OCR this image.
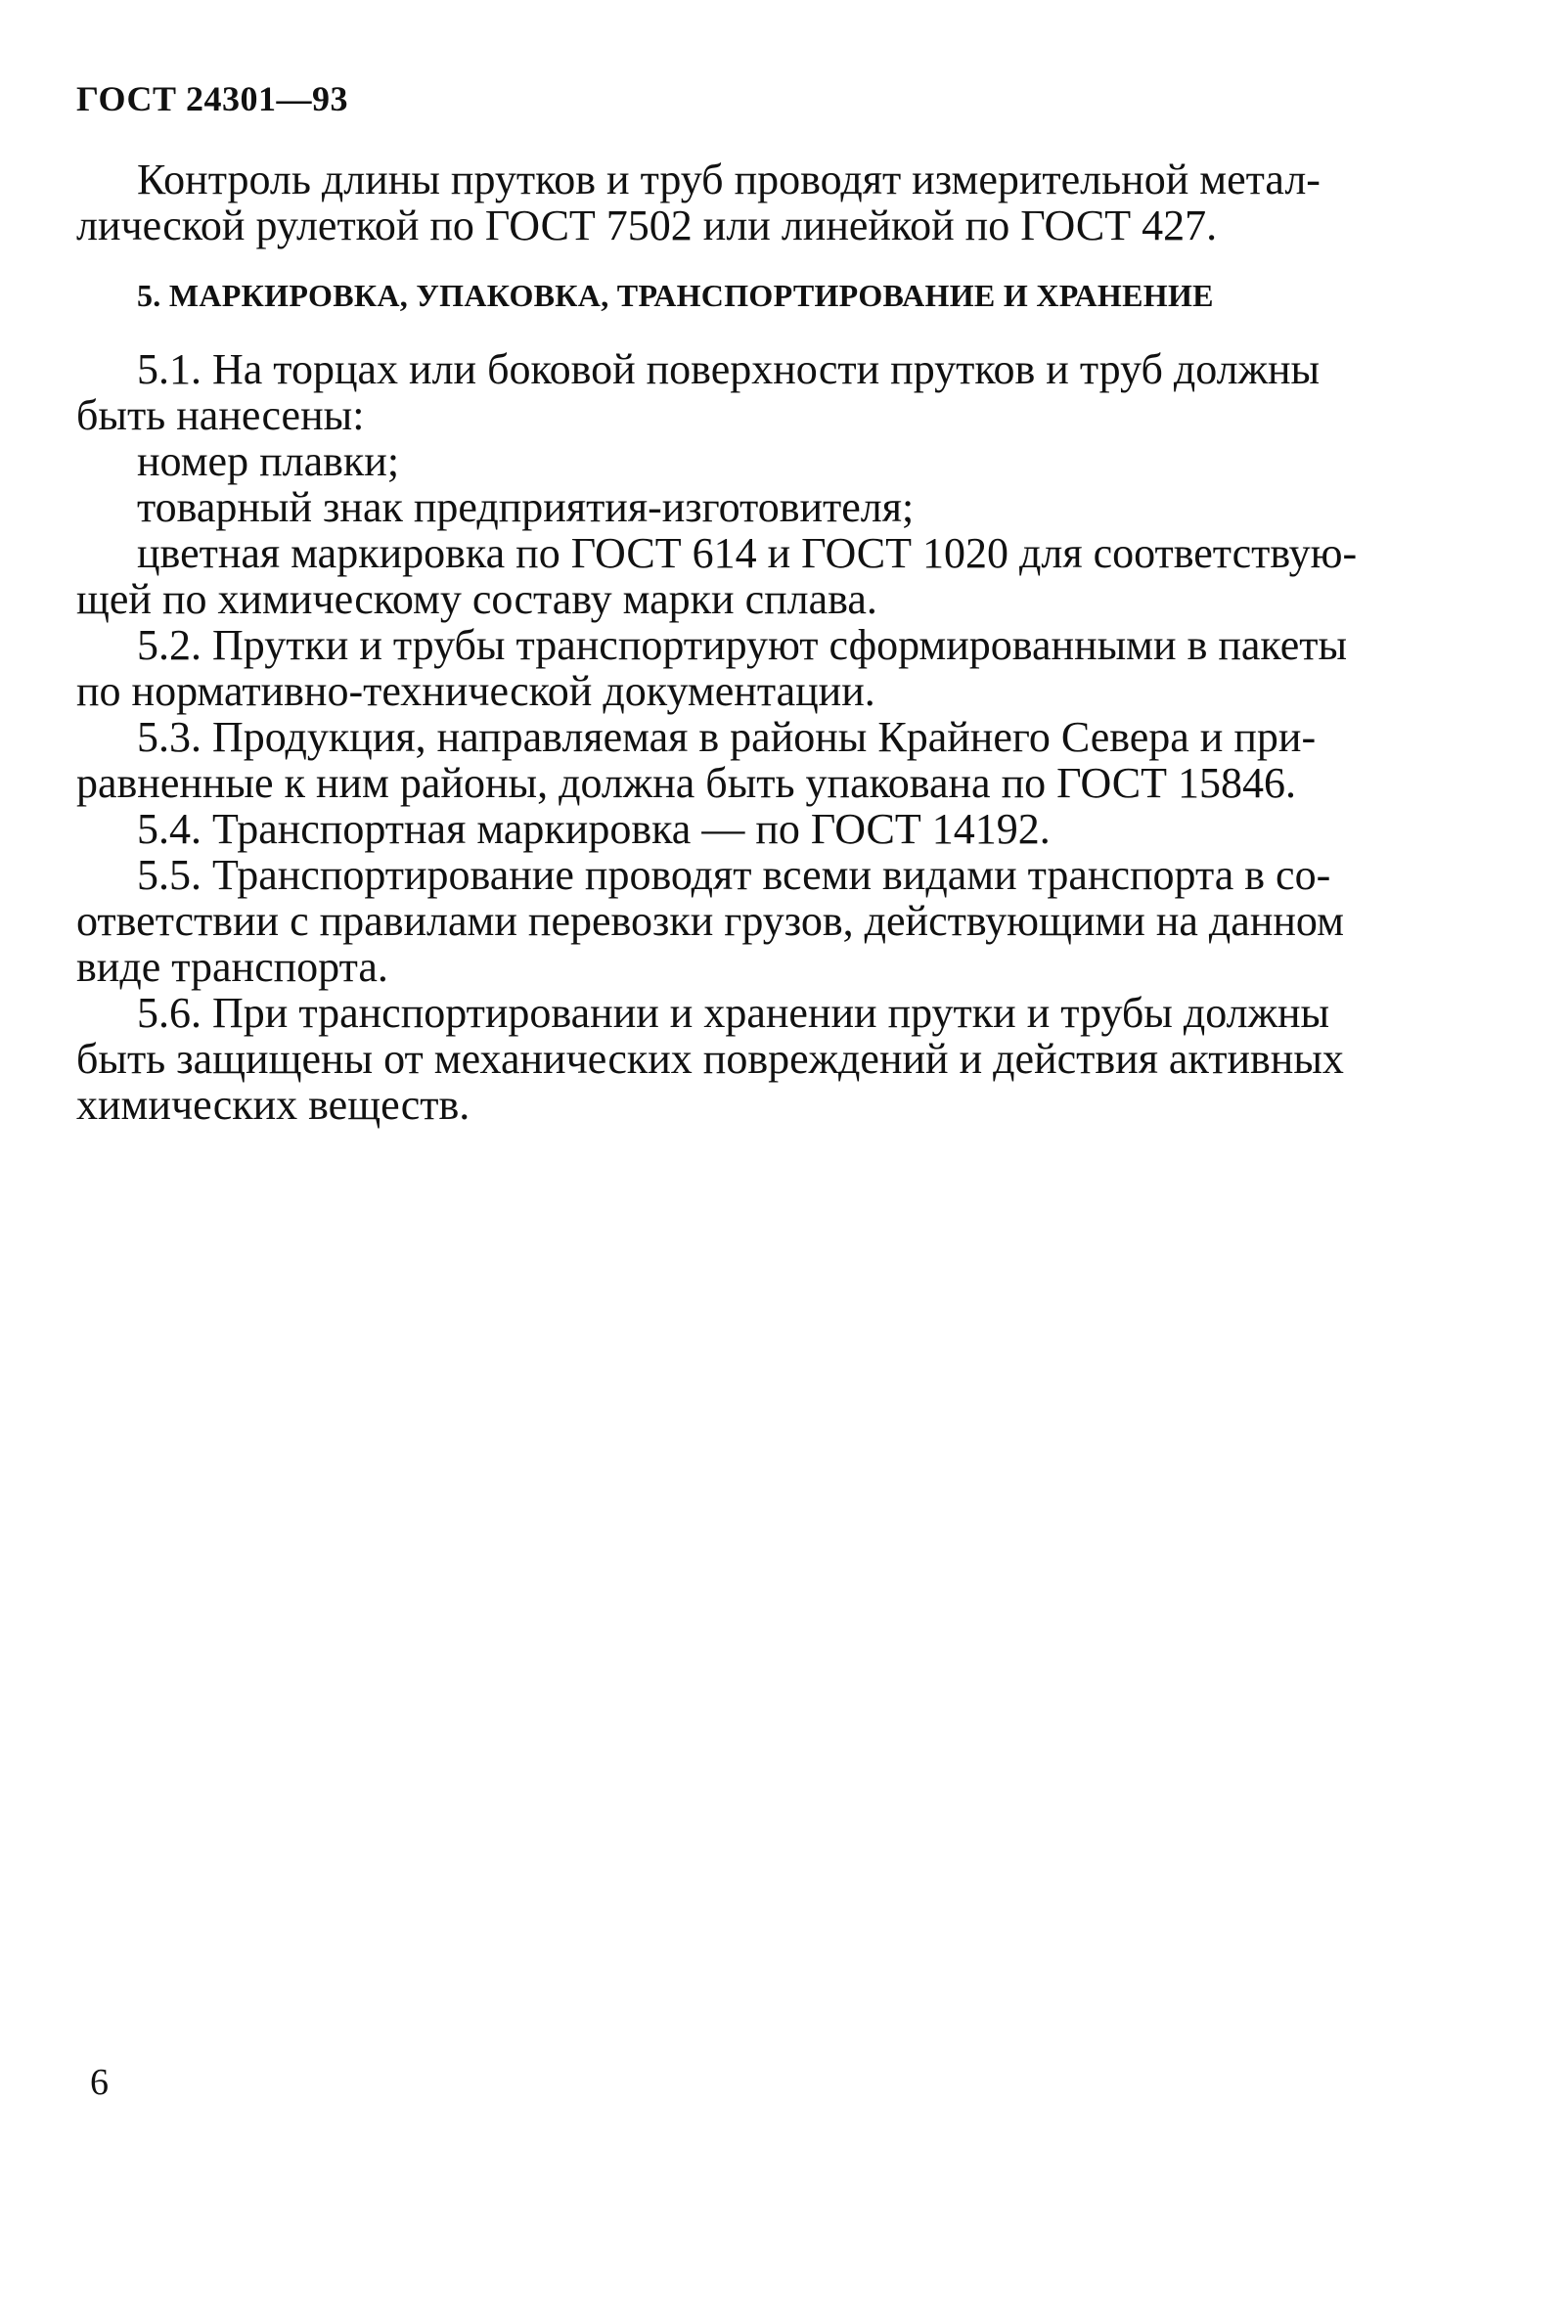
ГОСТ 24301—93

Контроль длины прутков и труб проводят измерительной метал-
лической рулеткой по ГОСТ 7502 или линейкой по ГОСТ 427.

5. МАРКИРОВКА, УПАКОВКА, ТРАНСПОРТИРОВАНИЕ И ХРАНЕНИЕ

5.1. На торцах или боковой поверхности прутков и труб должны
быть нанесены:

номер плавки;

товарный знак предприятия-изготовителя;

цветная маркировка по ГОСТ 614 и ГОСТ 1020 для соответствую-
щей по химическому составу марки сплава.

5.2. Прутки и трубы транспортируют сформированными в пакеты
по нормативно-технической документации.

5.3. Продукция, направляемая в районы Крайнего Севера и при-
равненные к ним районы, должна быть упакована по ГОСТ 15846.

5.4. Транспортная маркировка — по ГОСТ 14192.

5.5. Транспортирование проводят всеми видами транспорта в со-
ответствии с правилами перевозки грузов, действующими на данном
виде транспорта.

5.6. При транспортировании и хранении прутки и трубы должны
быть защищены от механических повреждений и действия активных
химических веществ.

6
